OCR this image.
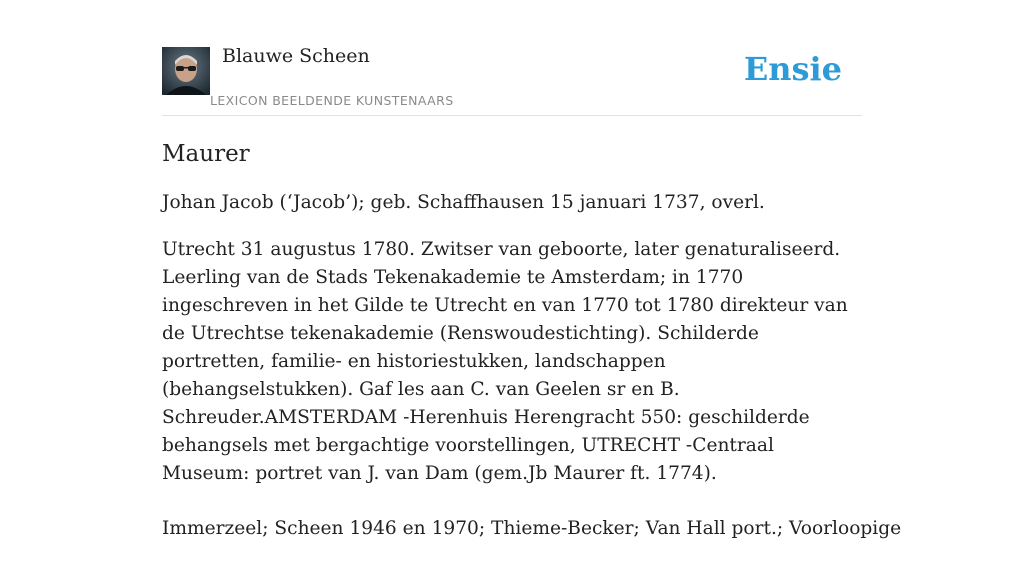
Blauwe Scheen
LEXICON BEELDENDE KUNSTENAARS
Ensie
Maurer

Johan Jacob (‘Jacob’); geb. Schaffhausen 15 januari 1737, overl.

Utrecht 31 augustus 1780. Zwitser van geboorte, later genaturaliseerd. Leerling van de Stads Tekenakademie te Amsterdam; in 1770 ingeschreven in het Gilde te Utrecht en van 1770 tot 1780 direkteur van de Utrechtse tekenakademie (Renswoudestichting). Schilderde portretten, familie- en historiestukken, landschappen (behangselstukken). Gaf les aan C. van Geelen sr en B. Schreuder.AMSTERDAM -Herenhuis Herengracht 550: geschilderde behangsels met bergachtige voorstellingen, UTRECHT -Centraal Museum: portret van J. van Dam (gem.Jb Maurer ft. 1774).

Immerzeel; Scheen 1946 en 1970; Thieme-Becker; Van Hall port.; Voorloopige
